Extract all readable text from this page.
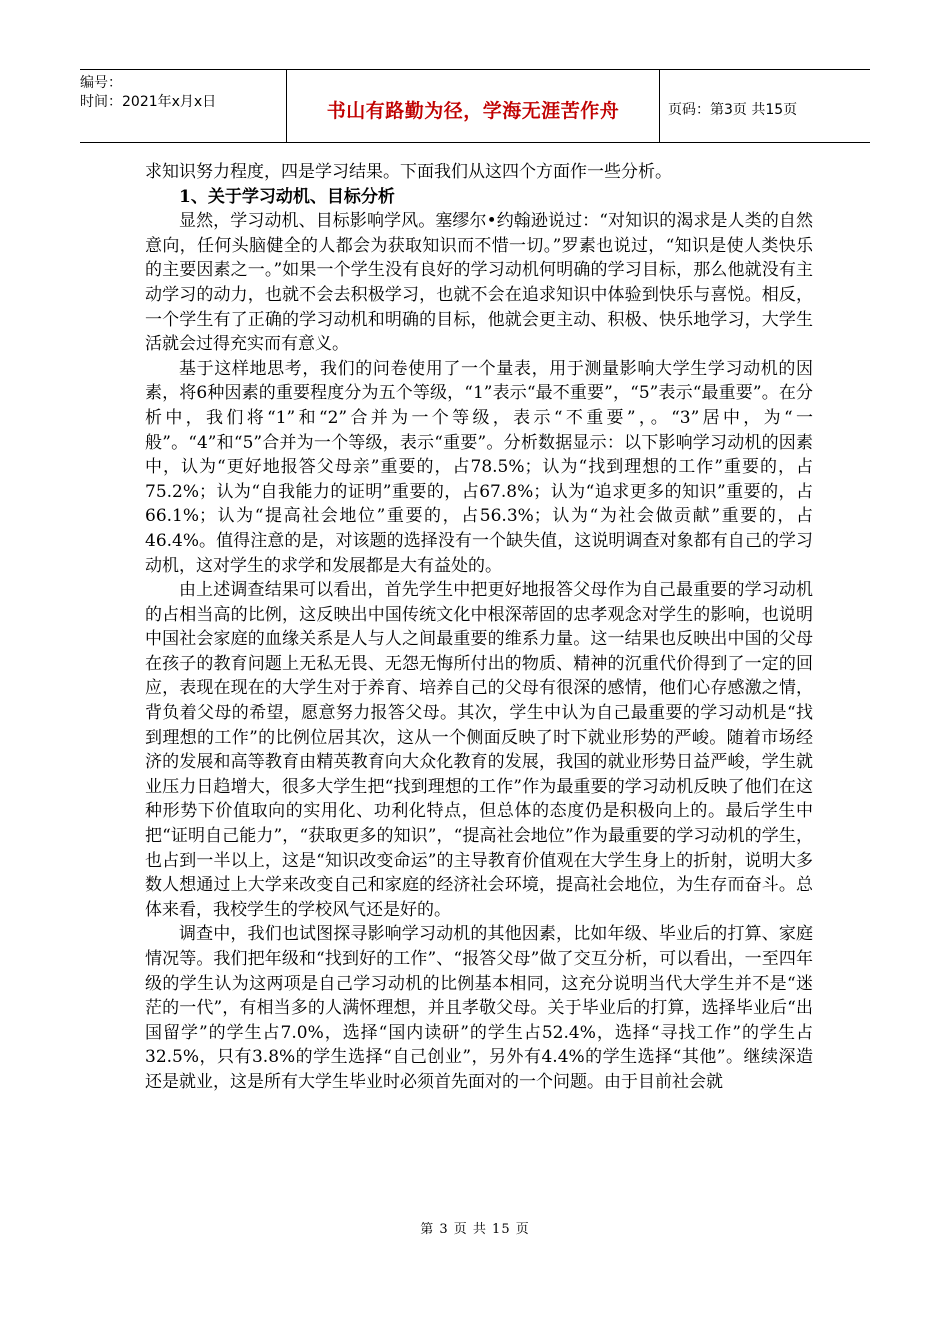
编号：
时间：2021年x月x日	书山有路勤为径，学海无涯苦作舟	页码：第3页 共15页

求知识努力程度，四是学习结果。下面我们从这四个方面作一些分析。

1、关于学习动机、目标分析

显然，学习动机、目标影响学风。塞缪尔•约翰逊说过：“对知识的渴求是人类的自然意向，任何头脑健全的人都会为获取知识而不惜一切。”罗素也说过，“知识是使人类快乐的主要因素之一。”如果一个学生没有良好的学习动机何明确的学习目标，那么他就没有主动学习的动力，也就不会去积极学习，也就不会在追求知识中体验到快乐与喜悦。相反，一个学生有了正确的学习动机和明确的目标，他就会更主动、积极、快乐地学习，大学生活就会过得充实而有意义。

基于这样地思考，我们的问卷使用了一个量表，用于测量影响大学生学习动机的因素，将6种因素的重要程度分为五个等级，“1”表示“最不重要”，“5”表示“最重要”。在分析中，我们将“1”和“2”合并为一个等级，表示“不重要”，。“3”居中，为“一般”。“4”和“5”合并为一个等级，表示“重要”。分析数据显示：以下影响学习动机的因素中，认为“更好地报答父母亲”重要的，占78.5%；认为“找到理想的工作”重要的，占75.2%；认为“自我能力的证明”重要的，占67.8%；认为“追求更多的知识”重要的，占66.1%；认为“提高社会地位”重要的，占56.3%；认为“为社会做贡献”重要的，占46.4%。值得注意的是，对该题的选择没有一个缺失值，这说明调查对象都有自己的学习动机，这对学生的求学和发展都是大有益处的。

由上述调查结果可以看出，首先学生中把更好地报答父母作为自己最重要的学习动机的占相当高的比例，这反映出中国传统文化中根深蒂固的忠孝观念对学生的影响，也说明中国社会家庭的血缘关系是人与人之间最重要的维系力量。这一结果也反映出中国的父母在孩子的教育问题上无私无畏、无怨无悔所付出的物质、精神的沉重代价得到了一定的回应，表现在现在的大学生对于养育、培养自己的父母有很深的感情，他们心存感激之情，背负着父母的希望，愿意努力报答父母。其次，学生中认为自己最重要的学习动机是“找到理想的工作”的比例位居其次，这从一个侧面反映了时下就业形势的严峻。随着市场经济的发展和高等教育由精英教育向大众化教育的发展，我国的就业形势日益严峻，学生就业压力日趋增大，很多大学生把“找到理想的工作”作为最重要的学习动机反映了他们在这种形势下价值取向的实用化、功利化特点，但总体的态度仍是积极向上的。最后学生中把“证明自己能力”，“获取更多的知识”，“提高社会地位”作为最重要的学习动机的学生，也占到一半以上，这是“知识改变命运”的主导教育价值观在大学生身上的折射，说明大多数人想通过上大学来改变自己和家庭的经济社会环境，提高社会地位，为生存而奋斗。总体来看，我校学生的学校风气还是好的。

调查中，我们也试图探寻影响学习动机的其他因素，比如年级、毕业后的打算、家庭情况等。我们把年级和“找到好的工作”、“报答父母”做了交互分析，可以看出，一至四年级的学生认为这两项是自己学习动机的比例基本相同，这充分说明当代大学生并不是“迷茫的一代”，有相当多的人满怀理想，并且孝敬父母。关于毕业后的打算，选择毕业后“出国留学”的学生占7.0%，选择“国内读研”的学生占52.4%，选择“寻找工作”的学生占32.5%，只有3.8%的学生选择“自己创业”，另外有4.4%的学生选择“其他”。继续深造还是就业，这是所有大学生毕业时必须首先面对的一个问题。由于目前社会就

第 3 页 共 15 页
